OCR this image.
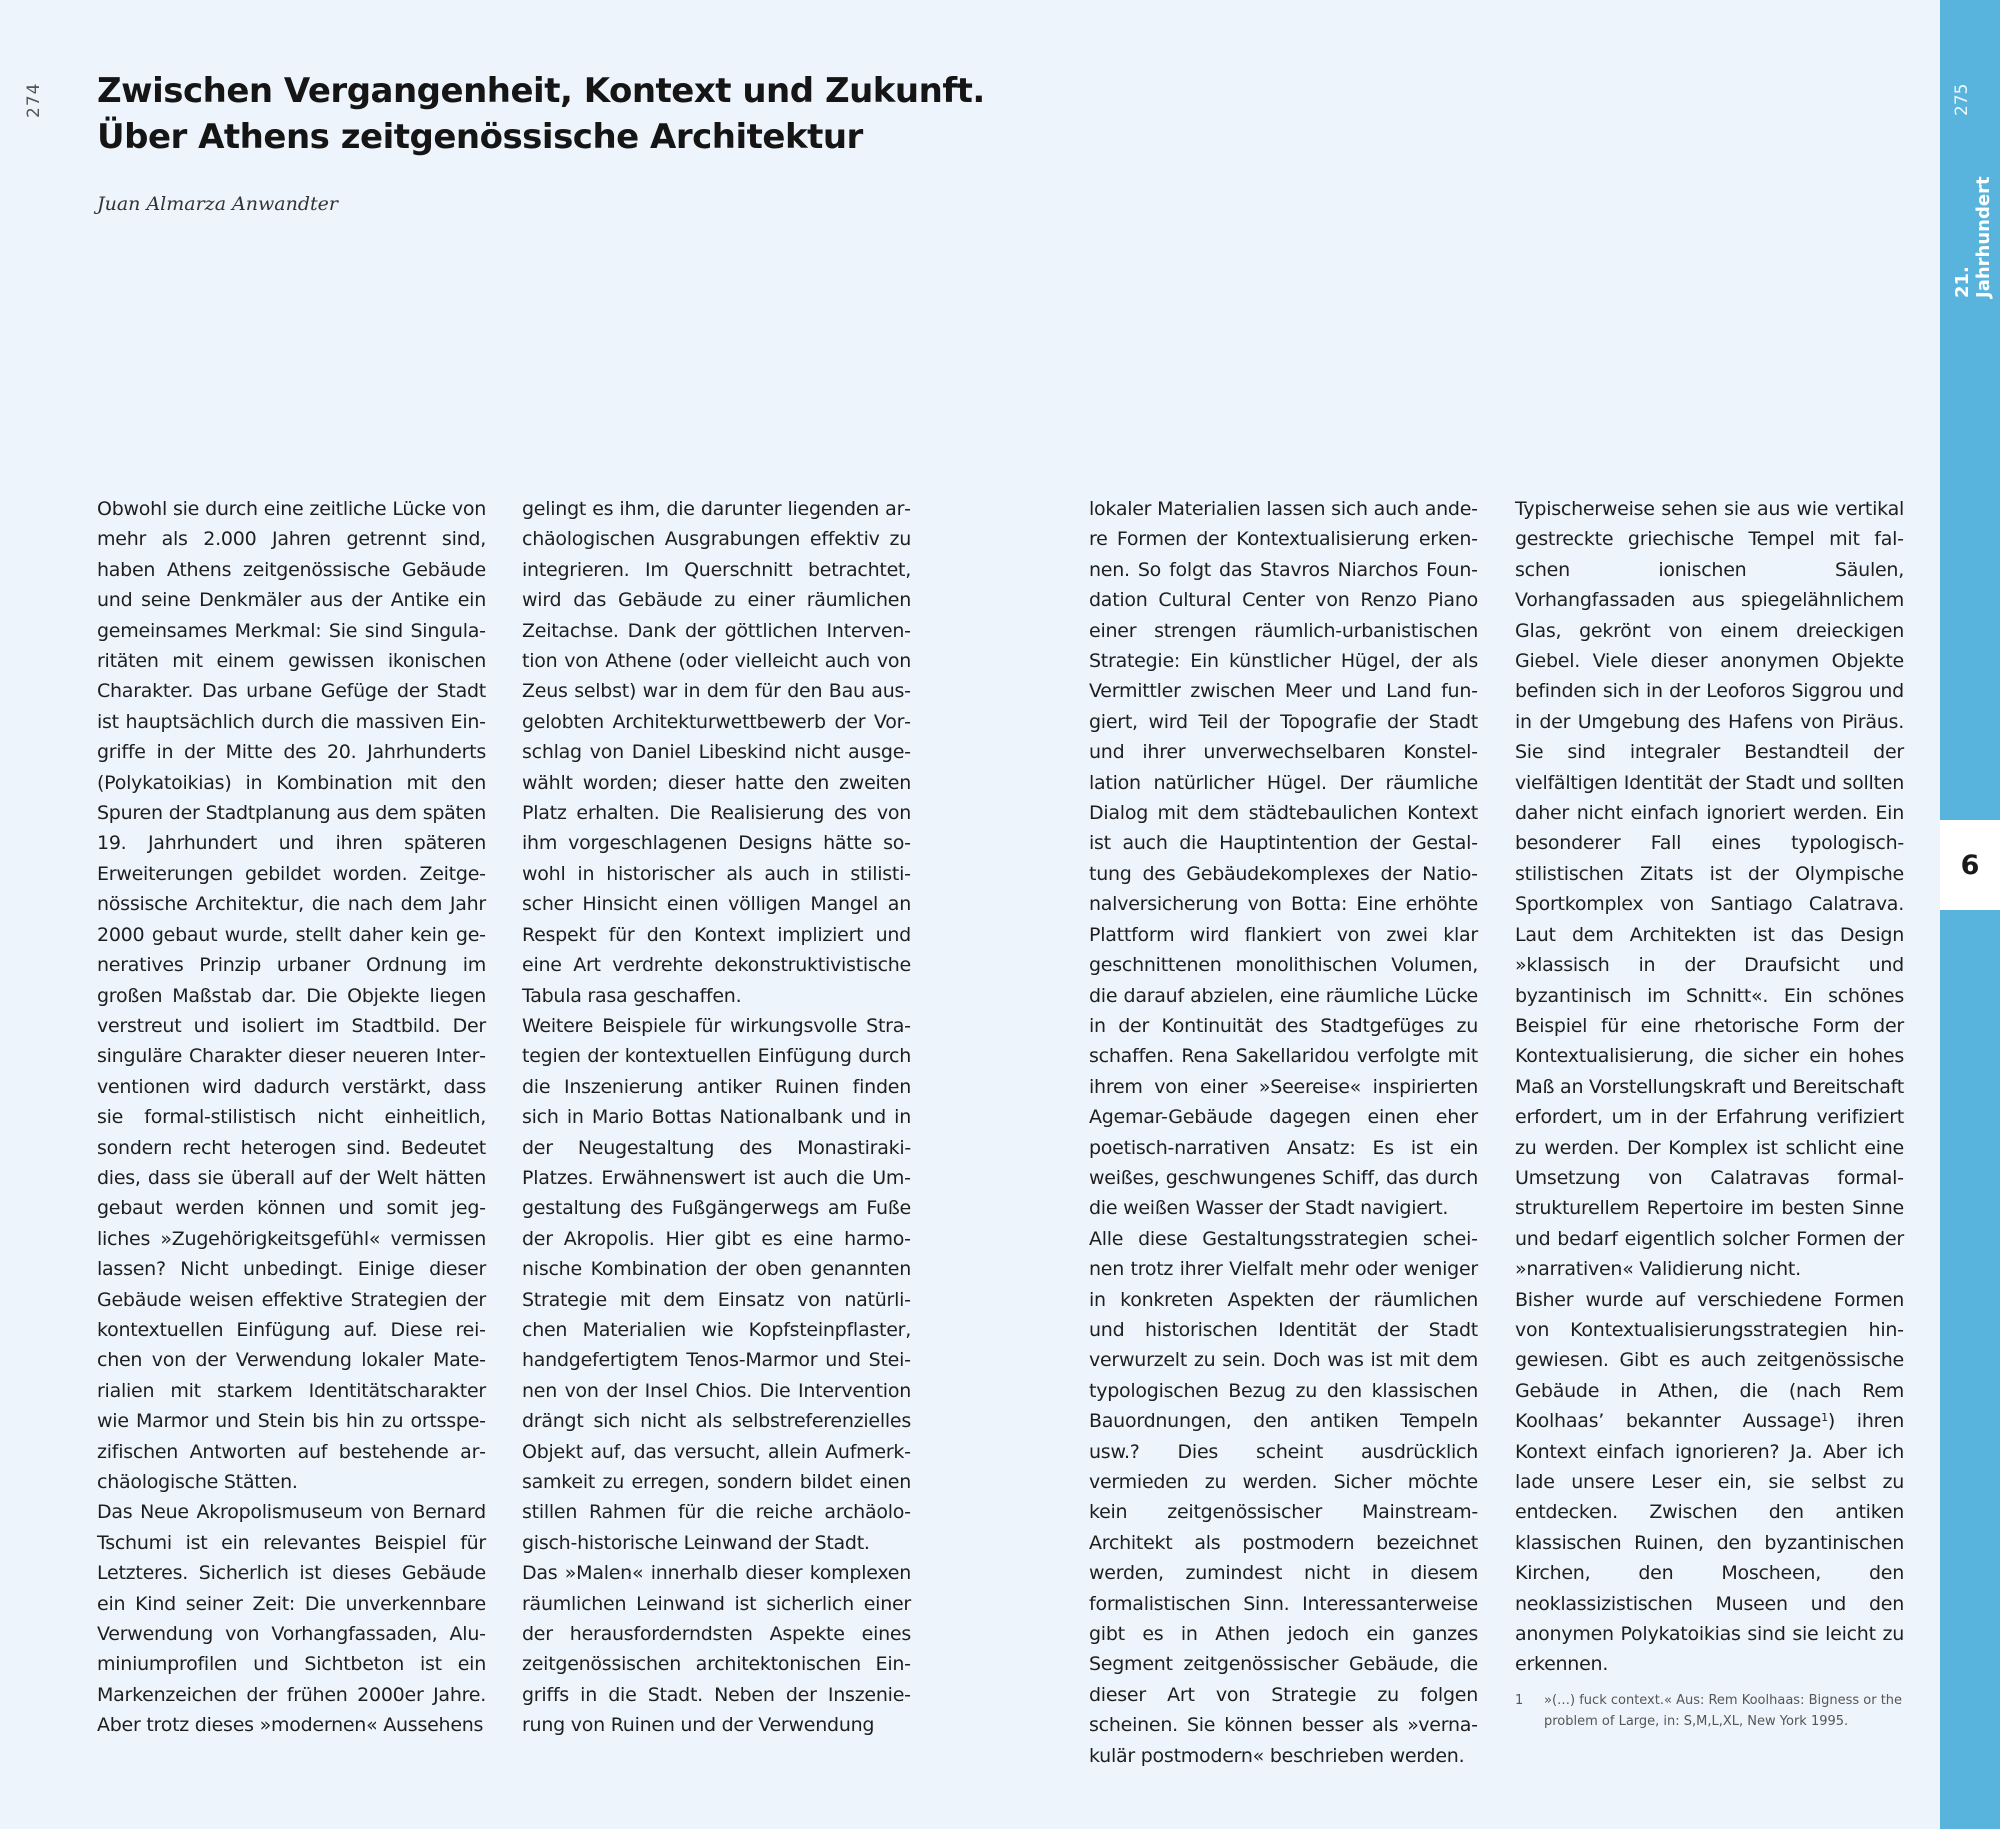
274 Zwischen Vergangenheit, Kontext und Zukunft.
Über Athens zeitgenössische Architektur
Juan Almarza Anwandter

Obwohl sie durch eine zeitliche Lücke von mehr als 2.000 Jahren getrennt sind, haben Athens zeitgenössische Gebäude und seine Denkmäler aus der Antike ein gemeinsames Merkmal: Sie sind Singularitäten mit einem gewissen ikonischen Charakter. Das urbane Gefüge der Stadt ist hauptsächlich durch die massiven Eingriffe in der Mitte des 20. Jahrhunderts (Polykatoikias) in Kombination mit den Spuren der Stadtplanung aus dem späten 19. Jahrhundert und ihren späteren Erweiterungen gebildet worden. Zeitgenössische Architektur, die nach dem Jahr 2000 gebaut wurde, stellt daher kein generatives Prinzip urbaner Ordnung im großen Maßstab dar. Die Objekte liegen verstreut und isoliert im Stadtbild. Der singuläre Charakter dieser neueren Interventionen wird dadurch verstärkt, dass sie formal-stilistisch nicht einheitlich, sondern recht heterogen sind. Bedeutet dies, dass sie überall auf der Welt hätten gebaut werden können und somit jegliches »Zugehörigkeitsgefühl« vermissen lassen? Nicht unbedingt. Einige dieser Gebäude weisen effektive Strategien der kontextuellen Einfügung auf. Diese reichen von der Verwendung lokaler Materialien mit starkem Identitätscharakter wie Marmor und Stein bis hin zu ortsspezifischen Antworten auf bestehende archäologische Stätten.

Das Neue Akropolismuseum von Bernard Tschumi ist ein relevantes Beispiel für Letzteres. Sicherlich ist dieses Gebäude ein Kind seiner Zeit: Die unverkennbare Verwendung von Vorhangfassaden, Aluminiumprofilen und Sichtbeton ist ein Markenzeichen der frühen 2000er Jahre. Aber trotz dieses »modernen« Aussehens

gelingt es ihm, die darunter liegenden archäologischen Ausgrabungen effektiv zu integrieren. Im Querschnitt betrachtet, wird das Gebäude zu einer räumlichen Zeitachse. Dank der göttlichen Intervention von Athene (oder vielleicht auch von Zeus selbst) war in dem für den Bau ausgelobten Architekturwettbewerb der Vorschlag von Daniel Libeskind nicht ausgewählt worden; dieser hatte den zweiten Platz erhalten. Die Realisierung des von ihm vorgeschlagenen Designs hätte sowohl in historischer als auch in stilistischer Hinsicht einen völligen Mangel an Respekt für den Kontext impliziert und eine Art verdrehte dekonstruktivistische Tabula rasa geschaffen.

Weitere Beispiele für wirkungsvolle Strategien der kontextuellen Einfügung durch die Inszenierung antiker Ruinen finden sich in Mario Bottas Nationalbank und in der Neugestaltung des Monastiraki-Platzes. Erwähnenswert ist auch die Umgestaltung des Fußgängerwegs am Fuße der Akropolis. Hier gibt es eine harmonische Kombination der oben genannten Strategie mit dem Einsatz von natürlichen Materialien wie Kopfsteinpflaster, handgefertigtem Tenos-Marmor und Steinen von der Insel Chios. Die Intervention drängt sich nicht als selbstreferenzielles Objekt auf, das versucht, allein Aufmerksamkeit zu erregen, sondern bildet einen stillen Rahmen für die reiche archäologisch-historische Leinwand der Stadt.

Das »Malen« innerhalb dieser komplexen räumlichen Leinwand ist sicherlich einer der herausforderndsten Aspekte eines zeitgenössischen architektonischen Eingriffs in die Stadt. Neben der Inszenierung von Ruinen und der Verwendung

lokaler Materialien lassen sich auch andere Formen der Kontextualisierung erkennen. So folgt das Stavros Niarchos Foundation Cultural Center von Renzo Piano einer strengen räumlich-urbanistischen Strategie: Ein künstlicher Hügel, der als Vermittler zwischen Meer und Land fungiert, wird Teil der Topografie der Stadt und ihrer unverwechselbaren Konstellation natürlicher Hügel. Der räumliche Dialog mit dem städtebaulichen Kontext ist auch die Hauptintention der Gestaltung des Gebäudekomplexes der Nationalversicherung von Botta: Eine erhöhte Plattform wird flankiert von zwei klar geschnittenen monolithischen Volumen, die darauf abzielen, eine räumliche Lücke in der Kontinuität des Stadtgefüges zu schaffen. Rena Sakellaridou verfolgte mit ihrem von einer »Seereise« inspirierten Agemar-Gebäude dagegen einen eher poetisch-narrativen Ansatz: Es ist ein weißes, geschwungenes Schiff, das durch die weißen Wasser der Stadt navigiert.

Alle diese Gestaltungsstrategien scheinen trotz ihrer Vielfalt mehr oder weniger in konkreten Aspekten der räumlichen und historischen Identität der Stadt verwurzelt zu sein. Doch was ist mit dem typologischen Bezug zu den klassischen Bauordnungen, den antiken Tempeln usw.? Dies scheint ausdrücklich vermieden zu werden. Sicher möchte kein zeitgenössischer Mainstream-Architekt als postmodern bezeichnet werden, zumindest nicht in diesem formalistischen Sinn. Interessanterweise gibt es in Athen jedoch ein ganzes Segment zeitgenössischer Gebäude, die dieser Art von Strategie zu folgen scheinen. Sie können besser als »vernakulär postmodern« beschrieben werden.

Typischerweise sehen sie aus wie vertikal gestreckte griechische Tempel mit falschen ionischen Säulen, Vorhangfassaden aus spiegelähnlichem Glas, gekrönt von einem dreieckigen Giebel. Viele dieser anonymen Objekte befinden sich in der Leoforos Siggrou und in der Umgebung des Hafens von Piräus. Sie sind integraler Bestandteil der vielfältigen Identität der Stadt und sollten daher nicht einfach ignoriert werden. Ein besonderer Fall eines typologisch-stilistischen Zitats ist der Olympische Sportkomplex von Santiago Calatrava. Laut dem Architekten ist das Design »klassisch in der Draufsicht und byzantinisch im Schnitt«. Ein schönes Beispiel für eine rhetorische Form der Kontextualisierung, die sicher ein hohes Maß an Vorstellungskraft und Bereitschaft erfordert, um in der Erfahrung verifiziert zu werden. Der Komplex ist schlicht eine Umsetzung von Calatravas formalstrukturellem Repertoire im besten Sinne und bedarf eigentlich solcher Formen der »narrativen« Validierung nicht.

Bisher wurde auf verschiedene Formen von Kontextualisierungsstrategien hingewiesen. Gibt es auch zeitgenössische Gebäude in Athen, die (nach Rem Koolhaas’ bekannter Aussage$^1$) ihren Kontext einfach ignorieren? Ja. Aber ich lade unsere Leser ein, sie selbst zu entdecken. Zwischen den antiken klassischen Ruinen, den byzantinischen Kirchen, den Moscheen, den neoklassizistischen Museen und den anonymen Polykatoikias sind sie leicht zu erkennen.

1	»(…) fuck context.« Aus: Rem Koolhaas: Bigness or the problem of Large, in: S,M,L,XL, New York 1995.
275
21. Jahrhundert
6
